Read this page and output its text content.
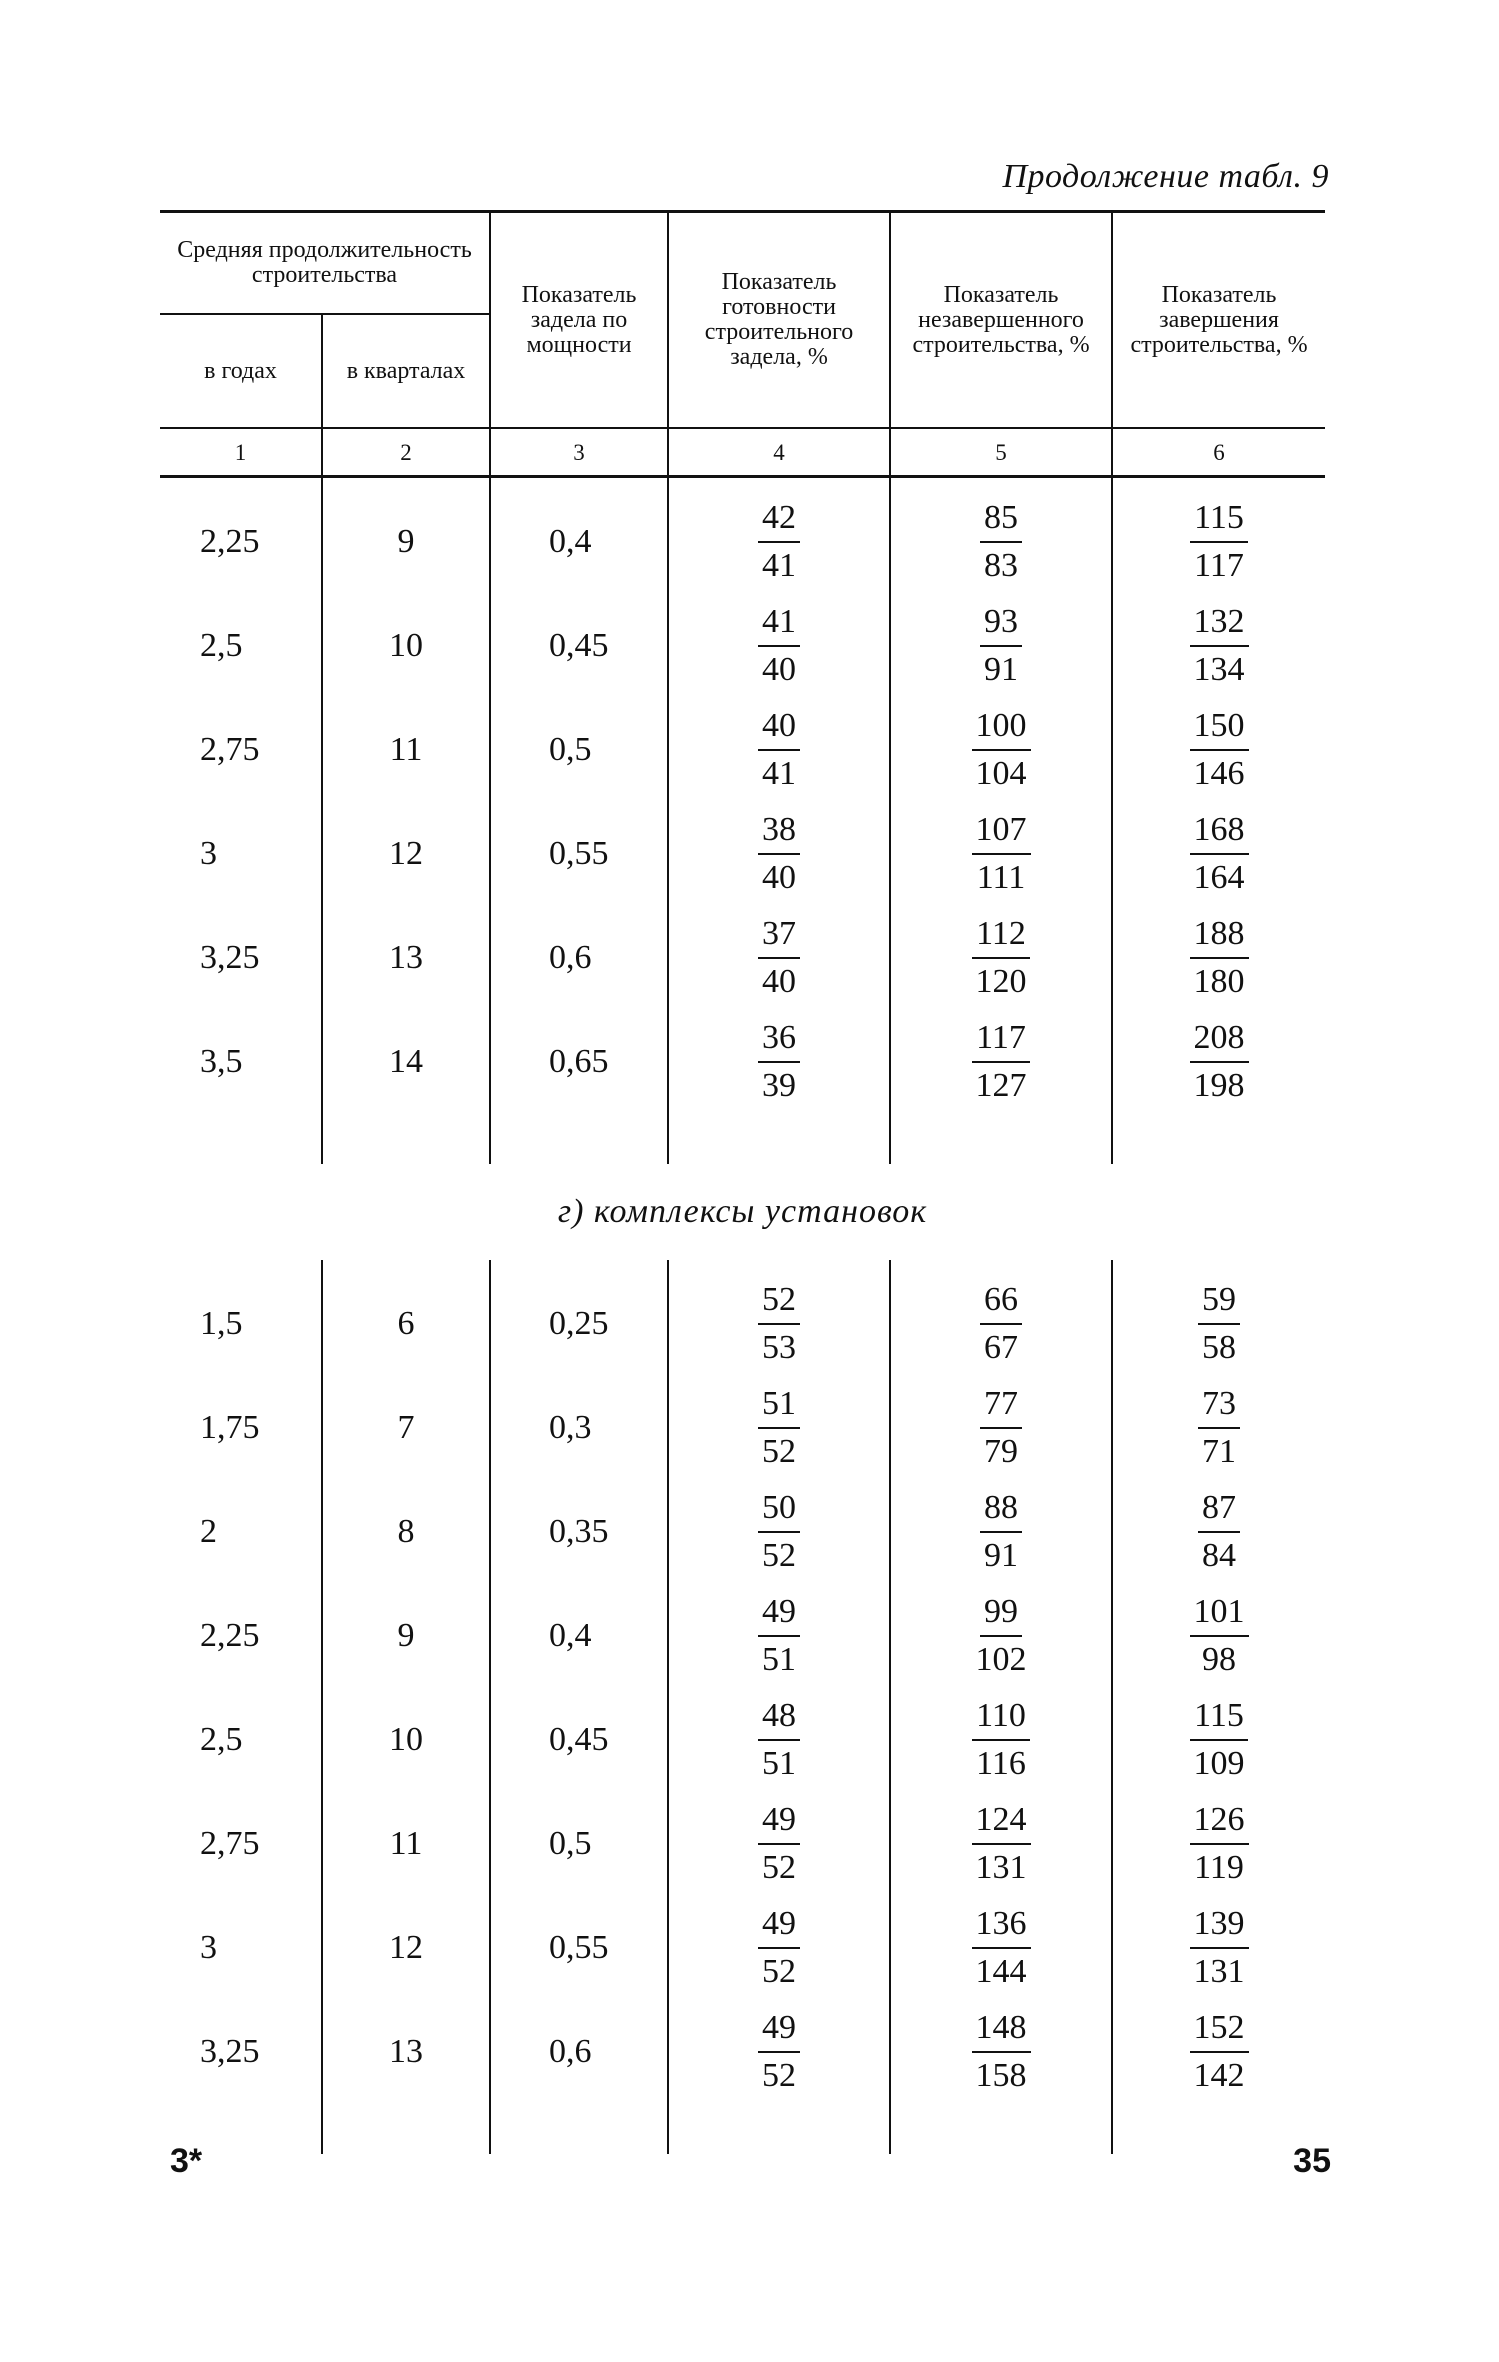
Продолжение табл. 9
Средняя продолжительность строительства		Показатель задела по мощности	Показатель готовности строительного задела, %	Показатель незавершенного строительства, %	Показатель завершения строительства, %
в годах	в кварталах				
1	2	3	4	5	6

2,25	9	0,4	$\frac{42}{41}$	$\frac{85}{83}$	$\frac{115}{117}$

2,5	10	0,45	$\frac{41}{40}$	$\frac{93}{91}$	$\frac{132}{134}$

2,75	11	0,5	$\frac{40}{41}$	$\frac{100}{104}$	$\frac{150}{146}$

3	12	0,55	$\frac{38}{40}$	$\frac{107}{111}$	$\frac{168}{164}$

3,25	13	0,6	$\frac{37}{40}$	$\frac{112}{120}$	$\frac{188}{180}$

3,5	14	0,65	$\frac{36}{39}$	$\frac{117}{127}$	$\frac{208}{198}$

г) комплексы установок					

1,5	6	0,25	$\frac{52}{53}$	$\frac{66}{67}$	$\frac{59}{58}$

1,75	7	0,3	$\frac{51}{52}$	$\frac{77}{79}$	$\frac{73}{71}$

2	8	0,35	$\frac{50}{52}$	$\frac{88}{91}$	$\frac{87}{84}$

2,25	9	0,4	$\frac{49}{51}$	$\frac{99}{102}$	$\frac{101}{98}$

2,5	10	0,45	$\frac{48}{51}$	$\frac{110}{116}$	$\frac{115}{109}$

2,75	11	0,5	$\frac{49}{52}$	$\frac{124}{131}$	$\frac{126}{119}$

3	12	0,55	$\frac{49}{52}$	$\frac{136}{144}$	$\frac{139}{131}$

3,25	13	0,6	$\frac{49}{52}$	$\frac{148}{158}$	$\frac{152}{142}$

3*	35
